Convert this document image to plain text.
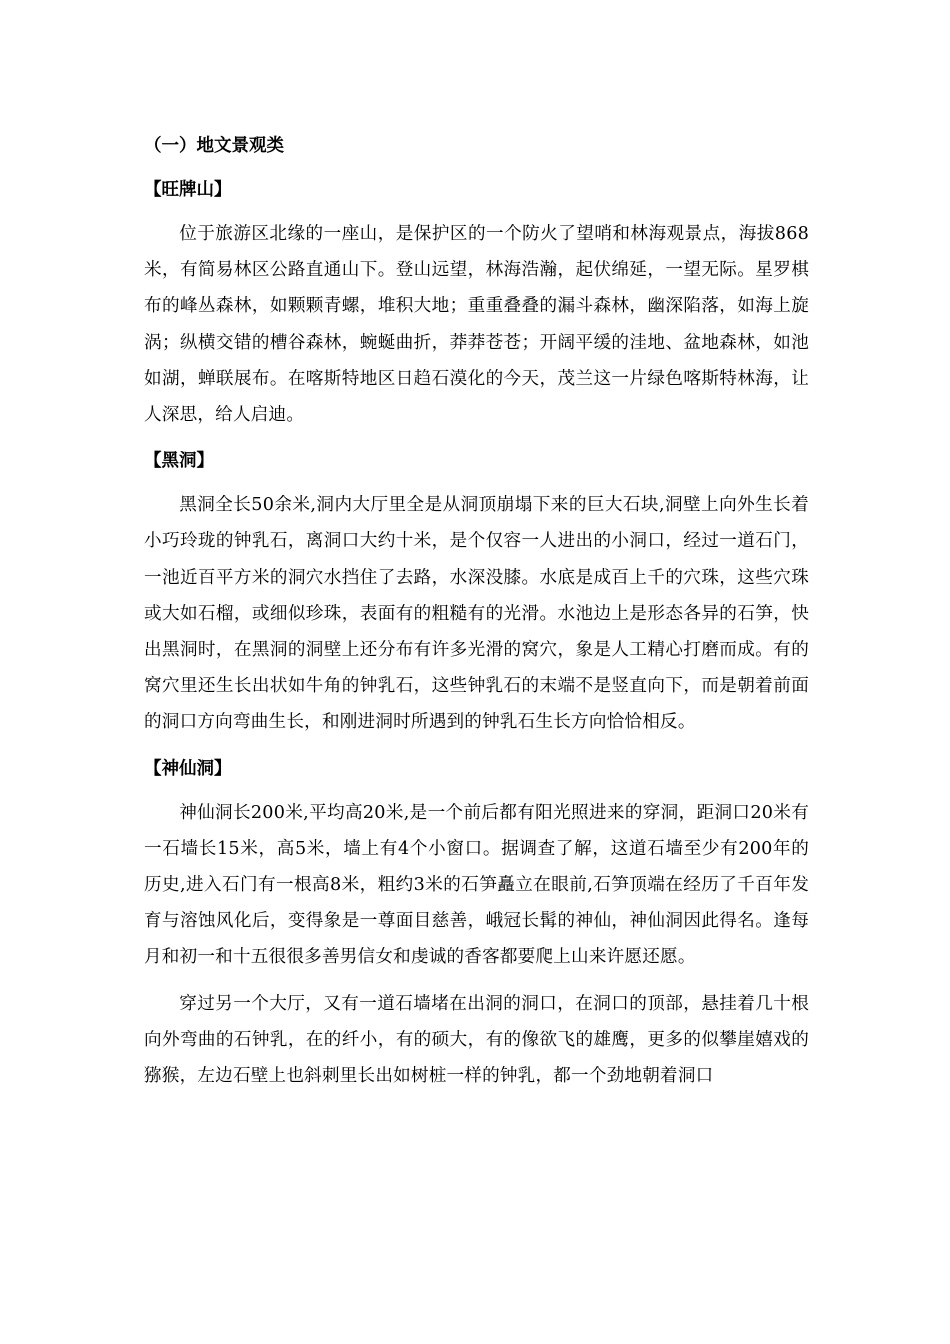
（一）地文景观类

【旺牌山】

位于旅游区北缘的一座山，是保护区的一个防火了望哨和林海观景点，海拔868米，有简易林区公路直通山下。登山远望，林海浩瀚，起伏绵延，一望无际。星罗棋布的峰丛森林，如颗颗青螺，堆积大地；重重叠叠的漏斗森林，幽深陷落，如海上旋涡；纵横交错的槽谷森林，蜿蜒曲折，莽莽苍苍；开阔平缓的洼地、盆地森林，如池如湖，蝉联展布。在喀斯特地区日趋石漠化的今天，茂兰这一片绿色喀斯特林海，让人深思，给人启迪。

【黑洞】

黑洞全长50余米,洞内大厅里全是从洞顶崩塌下来的巨大石块,洞壁上向外生长着小巧玲珑的钟乳石，离洞口大约十米，是个仅容一人进出的小洞口，经过一道石门，一池近百平方米的洞穴水挡住了去路，水深没膝。水底是成百上千的穴珠，这些穴珠或大如石榴，或细似珍珠，表面有的粗糙有的光滑。水池边上是形态各异的石笋，快出黑洞时，在黑洞的洞壁上还分布有许多光滑的窝穴，象是人工精心打磨而成。有的窝穴里还生长出状如牛角的钟乳石，这些钟乳石的末端不是竖直向下，而是朝着前面的洞口方向弯曲生长，和刚进洞时所遇到的钟乳石生长方向恰恰相反。

【神仙洞】

神仙洞长200米,平均高20米,是一个前后都有阳光照进来的穿洞，距洞口20米有一石墙长15米，高5米，墙上有4个小窗口。据调查了解，这道石墙至少有200年的历史,进入石门有一根高8米，粗约3米的石笋矗立在眼前,石笋顶端在经历了千百年发育与溶蚀风化后，变得象是一尊面目慈善，峨冠长髯的神仙，神仙洞因此得名。逢每月和初一和十五很很多善男信女和虔诚的香客都要爬上山来许愿还愿。

穿过另一个大厅，又有一道石墙堵在出洞的洞口，在洞口的顶部，悬挂着几十根向外弯曲的石钟乳，在的纤小，有的硕大，有的像欲飞的雄鹰，更多的似攀崖嬉戏的猕猴，左边石壁上也斜刺里长出如树桩一样的钟乳，都一个劲地朝着洞口
